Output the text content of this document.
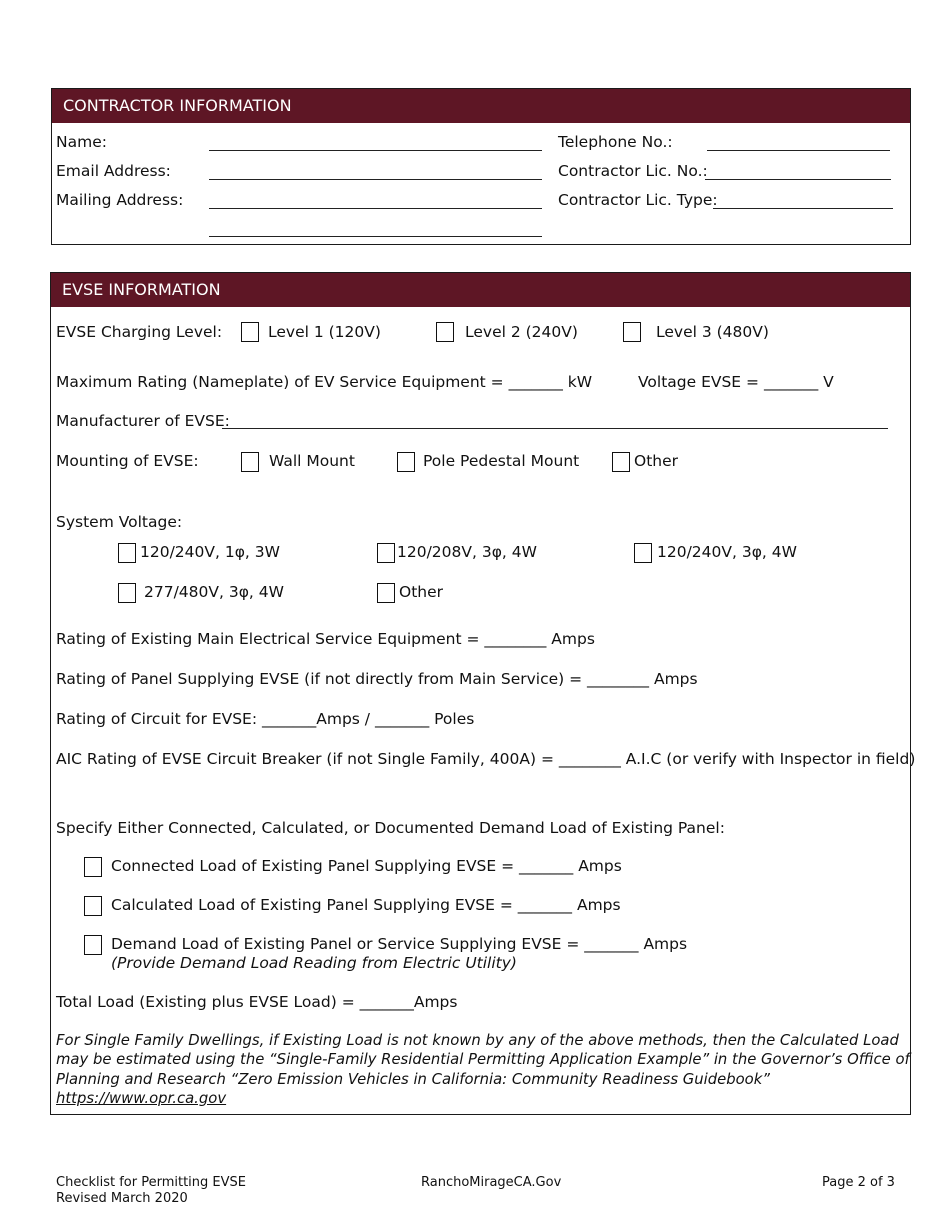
CONTRACTOR INFORMATION
Name:
Email Address:
Mailing Address:
Telephone No.:
Contractor Lic. No.:
Contractor Lic. Type:
EVSE INFORMATION
EVSE Charging Level:	Level 1 (120V)	Level 2 (240V)	Level 3 (480V)
Maximum Rating (Nameplate) of EV Service Equipment = _______ kW	Voltage EVSE = _______ V
Manufacturer of EVSE:
Mounting of EVSE:	Wall Mount	Pole Pedestal Mount	Other
System Voltage:
120/240V, 1φ, 3W	120/208V, 3φ, 4W	120/240V, 3φ, 4W
277/480V, 3φ, 4W	Other
Rating of Existing Main Electrical Service Equipment = ________ Amps
Rating of Panel Supplying EVSE (if not directly from Main Service) = ________ Amps
Rating of Circuit for EVSE: _______Amps / _______ Poles
AIC Rating of EVSE Circuit Breaker (if not Single Family, 400A) = ________ A.I.C (or verify with Inspector in field)
Specify Either Connected, Calculated, or Documented Demand Load of Existing Panel:
Connected Load of Existing Panel Supplying EVSE = _______ Amps
Calculated Load of Existing Panel Supplying EVSE = _______ Amps
Demand Load of Existing Panel or Service Supplying EVSE = _______ Amps
(Provide Demand Load Reading from Electric Utility)
Total Load (Existing plus EVSE Load) = _______Amps
For Single Family Dwellings, if Existing Load is not known by any of the above methods, then the Calculated Load
may be estimated using the “Single-Family Residential Permitting Application Example” in the Governor’s Office of
Planning and Research “Zero Emission Vehicles in California: Community Readiness Guidebook”
https://www.opr.ca.gov
Checklist for Permitting EVSE
Revised March 2020
RanchoMirageCA.Gov	Page 2 of 3
